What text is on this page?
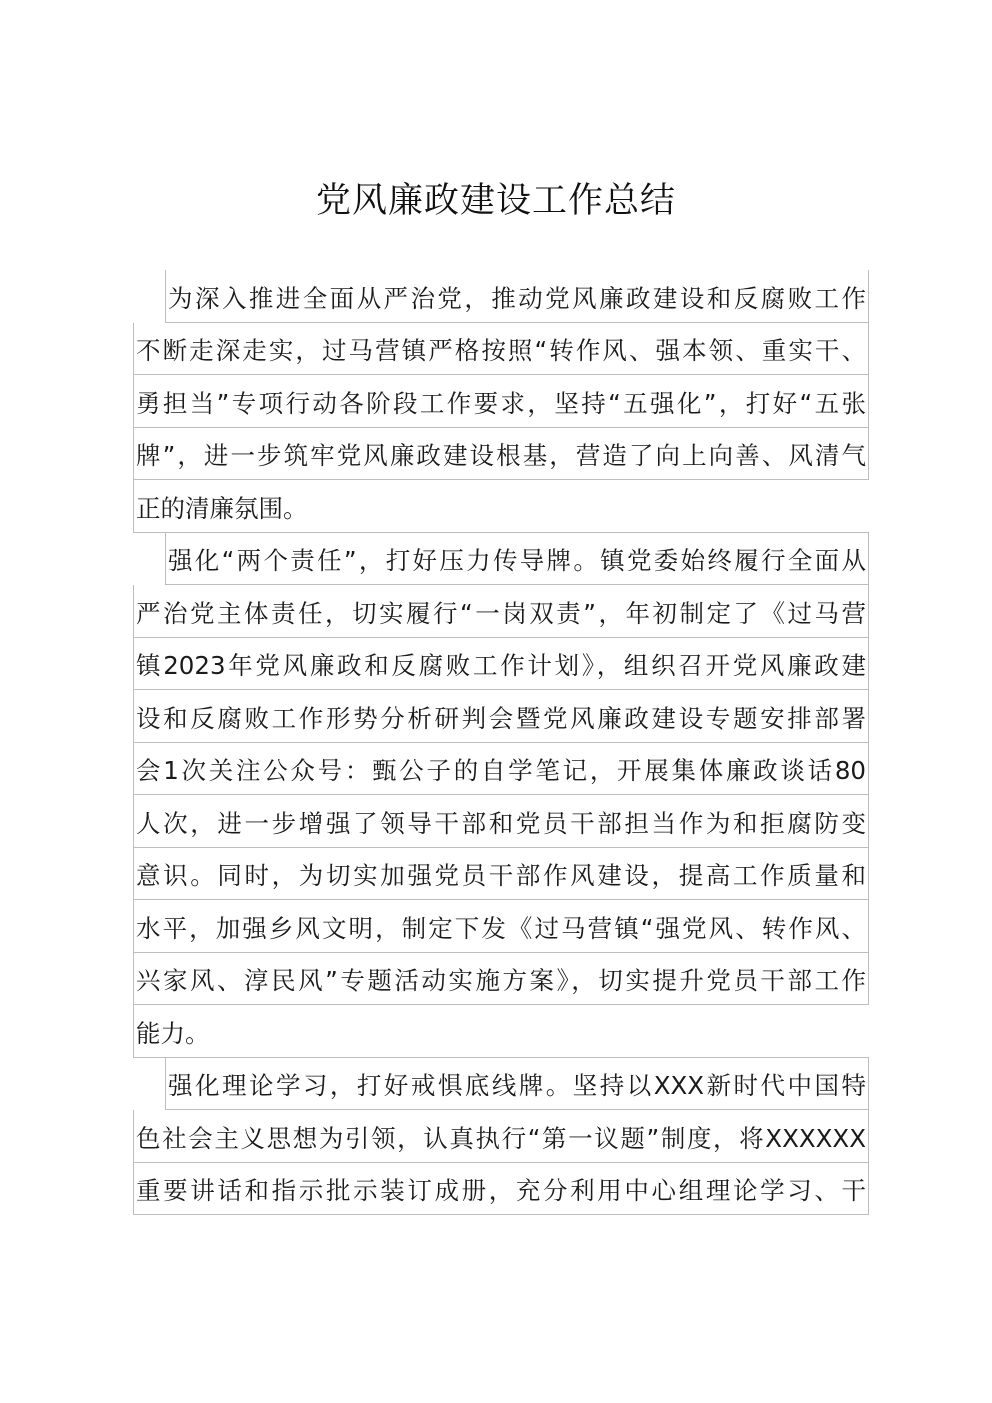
党风廉政建设工作总结
为深入推进全面从严治党，推动党风廉政建设和反腐败工作
不断走深走实，过马营镇严格按照“转作风、强本领、重实干、
勇担当”专项行动各阶段工作要求，坚持“五强化”，打好“五张
牌”，进一步筑牢党风廉政建设根基，营造了向上向善、风清气
正的清廉氛围。
强化“两个责任”，打好压力传导牌。镇党委始终履行全面从
严治党主体责任，切实履行“一岗双责”，年初制定了《过马营
镇2023年党风廉政和反腐败工作计划》，组织召开党风廉政建
设和反腐败工作形势分析研判会暨党风廉政建设专题安排部署
会1次关注公众号：甄公子的自学笔记，开展集体廉政谈话80
人次，进一步增强了领导干部和党员干部担当作为和拒腐防变
意识。同时，为切实加强党员干部作风建设，提高工作质量和
水平，加强乡风文明，制定下发《过马营镇“强党风、转作风、
兴家风、淳民风”专题活动实施方案》，切实提升党员干部工作
能力。
强化理论学习，打好戒惧底线牌。坚持以XXX新时代中国特
色社会主义思想为引领，认真执行“第一议题”制度，将XXXXXX
重要讲话和指示批示装订成册，充分利用中心组理论学习、干
